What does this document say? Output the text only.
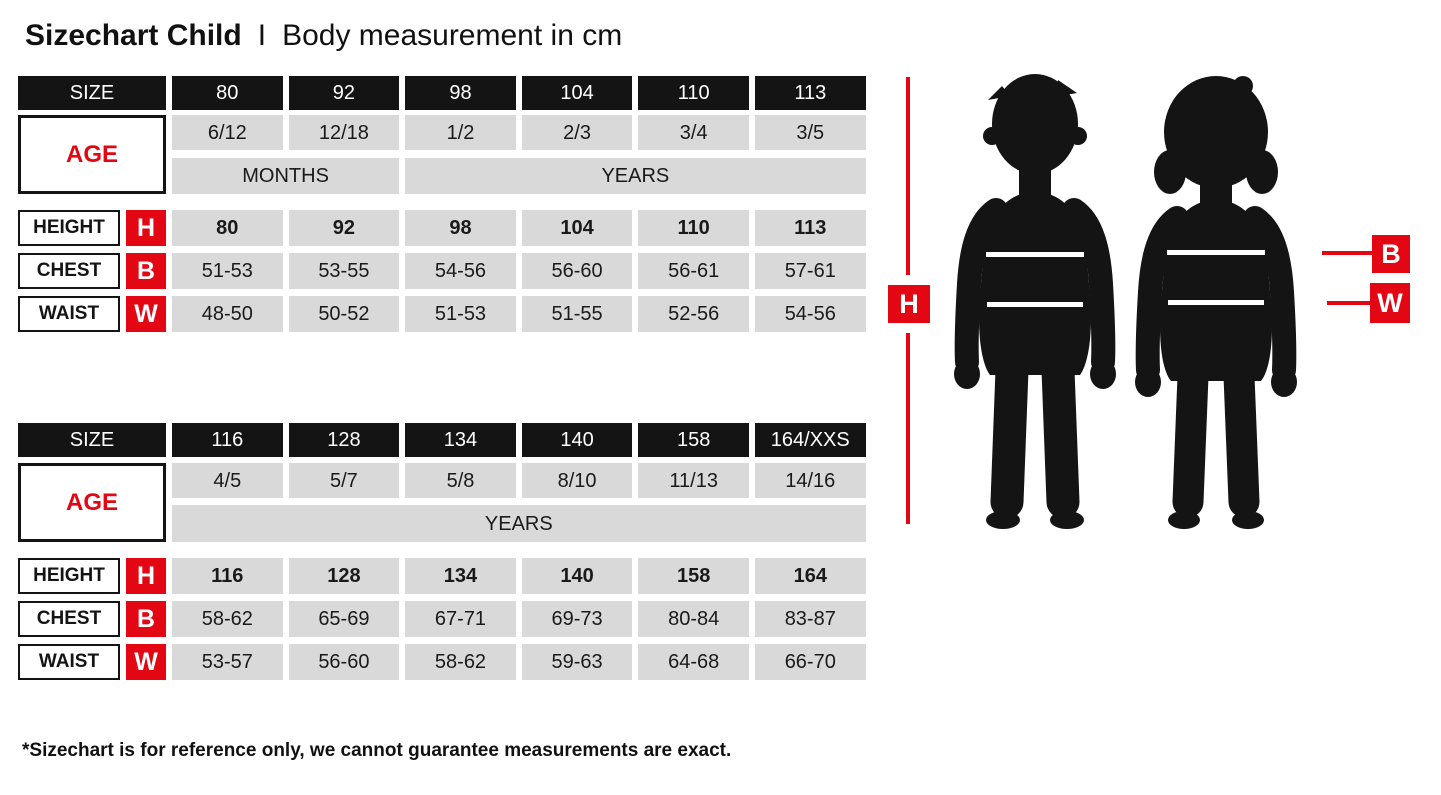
Sizechart Child I Body measurement in cm
SIZE	80	92	98	104	110	113
AGE
6/12	12/18	1/2	2/3	3/4	3/5
MONTHS	YEARS
HEIGHT	H	80	92	98	104	110	113
CHEST	B	51-53	53-55	54-56	56-60	56-61	57-61
WAIST	W	48-50	50-52	51-53	51-55	52-56	54-56
SIZE	116	128	134	140	158	164/XXS
AGE
4/5	5/7	5/8	8/10	11/13	14/16
YEARS
HEIGHT	H	116	128	134	140	158	164
CHEST	B	58-62	65-69	67-71	69-73	80-84	83-87
WAIST	W	53-57	56-60	58-62	59-63	64-68	66-70
H
B
W
*Sizechart is for reference only, we cannot guarantee measurements are exact.
